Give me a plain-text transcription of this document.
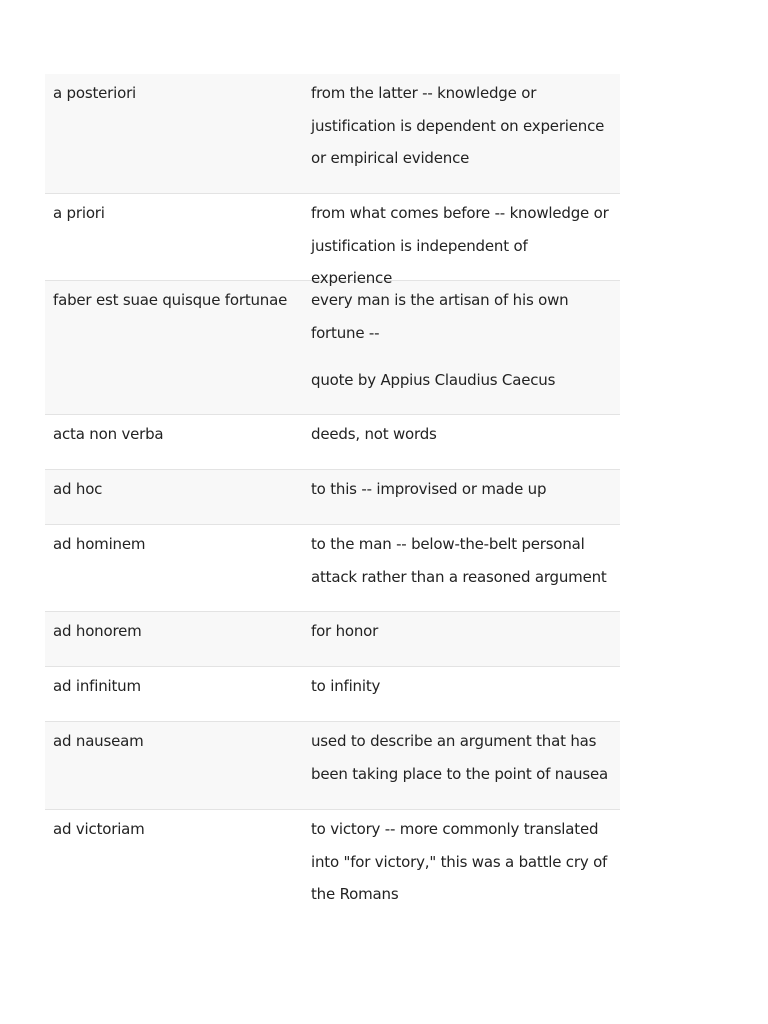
a posteriori	from the latter -- knowledge or justification is dependent on experience or empirical evidence

a priori	from what comes before -- knowledge or justification is independent of experience

faber est suae quisque fortunae	every man is the artisan of his own fortune --

quote by Appius Claudius Caecus

acta non verba	deeds, not words

ad hoc	to this -- improvised or made up

ad hominem	to the man -- below-the-belt personal attack rather than a reasoned argument

ad honorem	for honor

ad infinitum	to infinity

ad nauseam	used to describe an argument that has been taking place to the point of nausea

ad victoriam	to victory -- more commonly translated into "for victory," this was a battle cry of the Romans
